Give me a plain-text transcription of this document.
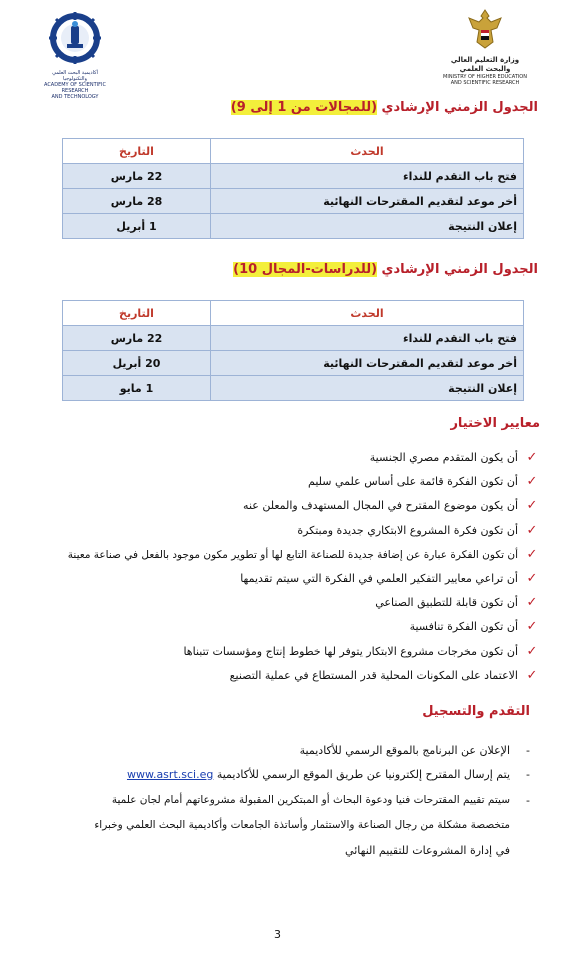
أكاديمية البحث العلمي والتكنولوجيا
ACADEMY OF SCIENTIFIC RESEARCH
AND TECHNOLOGY
وزارة التعليم العالي والبحث العلمي
MINISTRY OF HIGHER EDUCATION
AND SCIENTIFIC RESEARCH
الجدول الزمني الإرشادي (للمجالات من 1 إلى 9)
الحدث	التاريخ
فتح باب التقدم للنداء	22 مارس
أخر موعد لتقديم المقترحات النهائية	28 مارس
إعلان النتيجة	1 أبريل
الجدول الزمني الإرشادي (للدراسات-المجال 10)
الحدث	التاريخ
فتح باب التقدم للنداء	22 مارس
أخر موعد لتقديم المقترحات النهائية	20 أبريل
إعلان النتيجة	1 مايو
معايير الاختيار
✓
أن يكون المتقدم مصري الجنسية
✓
أن تكون الفكرة قائمة على أساس علمي سليم
✓
أن يكون موضوع المقترح في المجال المستهدف والمعلن عنه
✓
أن تكون فكرة المشروع الابتكاري جديدة ومبتكرة
✓
أن تكون الفكرة عبارة عن إضافة جديدة للصناعة التابع لها أو تطوير مكون موجود بالفعل في صناعة معينة
✓
أن تراعي معايير التفكير العلمي في الفكرة التي سيتم تقديمها
✓
أن تكون قابلة للتطبيق الصناعي
✓
أن تكون الفكرة تنافسية
✓
أن تكون مخرجات مشروع الابتكار يتوفر لها خطوط إنتاج ومؤسسات تتبناها
✓
الاعتماد على المكونات المحلية قدر المستطاع في عملية التصنيع
التقدم والتسجيل
-
الإعلان عن البرنامج بالموقع الرسمي للأكاديمية
-
يتم إرسال المقترح إلكترونيا عن طريق الموقع الرسمي للأكاديمية www.asrt.sci.eg
-
سيتم تقييم المقترحات فنيا ودعوة البحاث أو المبتكرين المقبولة مشروعاتهم أمام لجان علمية
متخصصة مشكلة من رجال الصناعة والاستثمار وأساتذة الجامعات وأكاديمية البحث العلمي وخبراء
في إدارة المشروعات للتقييم النهائي
3
